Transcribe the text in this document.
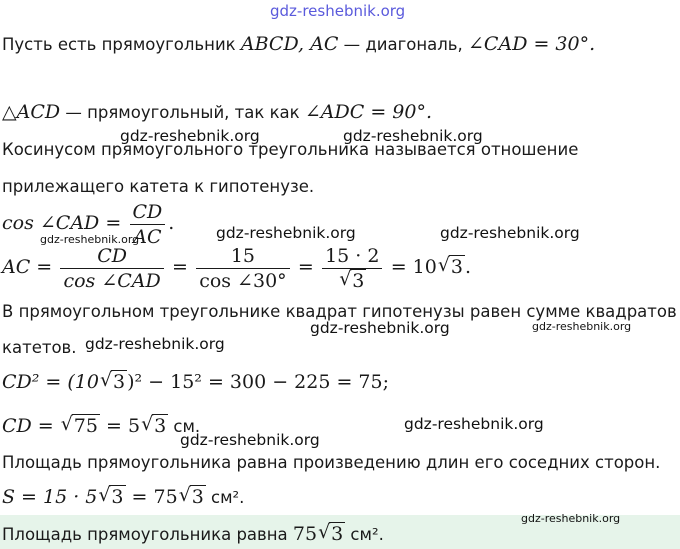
gdz-reshebnik.org
gdz-reshebnik.org	gdz-reshebnik.org
gdz-reshebnik.org	gdz-reshebnik.org	gdz-reshebnik.org
gdz-reshebnik.org	gdz-reshebnik.org
gdz-reshebnik.org
gdz-reshebnik.org
gdz-reshebnik.org
gdz-reshebnik.org
Пусть есть прямоугольник ABCD, AC — диагональ, ∠CAD = 30°.
△ACD — прямоугольный, так как ∠ADC = 90°.
Косинусом прямоугольного треугольника называется отношение
прилежащего катета к гипотенузе.
cos ∠CAD = $\frac{CD}{AC}$ .
AC = $\frac{CD}{\text{cos ∠CAD}} = \frac{15}{\cos \angle 30^\circ} = 15 \cdot 2$
√ 3 = 10 √ 3 .
В прямоугольном треугольнике квадрат гипотенузы равен сумме квадратов
катетов.
CD² = (10 √ 3 )² − 15² = 300 − 225 = 75;
CD = √ 75 = 5 √ 3 см.
Площадь прямоугольника равна произведению длин его соседних сторон.
S = 15 · 5 √ 3 = 75 √ 3 см².
Площадь прямоугольника равна 75 √ 3 см².
